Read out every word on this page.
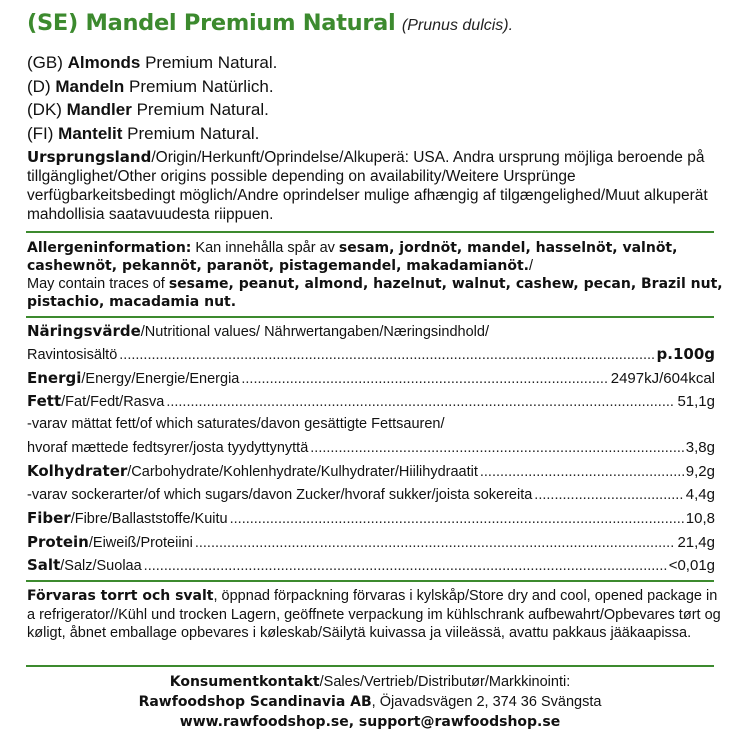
(SE) Mandel Premium Natural (Prunus dulcis).
(GB) Almonds Premium Natural.
(D) Mandeln Premium Natürlich.
(DK) Mandler Premium Natural.
(FI) Mantelit Premium Natural.
Ursprungsland/Origin/Herkunft/Oprindelse/Alkuperä: USA. Andra ursprung möjliga beroende på tillgänglighet/Other origins possible depending on availability/Weitere Ursprünge verfügbarkeitsbedingt möglich/Andre oprindelser mulige afhængig af tilgængelighed/Muut alkuperät mahdollisia saatavuudesta riippuen.
Allergeninformation: Kan innehålla spår av sesam, jordnöt, mandel, hasselnöt, valnöt, cashewnöt, pekannöt, paranöt, pistagemandel, makadamianöt./
May contain traces of sesame, peanut, almond, hazelnut, walnut, cashew, pecan, Brazil nut, pistachio, macadamia nut.
Näringsvärde/Nutritional values/ Nährwertangaben/Næringsindhold/
Ravintosisältö .....	p.100g
Energi/Energy/Energie/Energia .....	2497kJ/604kcal
Fett/Fat/Fedt/Rasva .....	51,1g
-varav mättat fett/of which saturates/davon gesättigte Fettsauren/
hvoraf mættede fedtsyrer/josta tyydyttynyttä .....	3,8g
Kolhydrater/Carbohydrate/Kohlenhydrate/Kulhydrater/Hiilihydraatit .....	9,2g
-varav sockerarter/of which sugars/davon Zucker/hvoraf sukker/joista sokereita .....	4,4g
Fiber/Fibre/Ballaststoffe/Kuitu .....	10,8
Protein/Eiweiß/Proteiini .....	21,4g
Salt/Salz/Suolaa .....	<0,01g
Förvaras torrt och svalt, öppnad förpackning förvaras i kylskåp/Store dry and cool, opened package in a refrigerator//Kühl und trocken Lagern, geöffnete verpackung im kühlschrank aufbewahrt/Opbevares tørt og køligt, åbnet emballage opbevares i køleskab/Säilytä kuivassa ja viileässä, avattu pakkaus jääkaapissa.
Konsumentkontakt/Sales/Vertrieb/Distributør/Markkinointi:
Rawfoodshop Scandinavia AB, Öjavadsvägen 2, 374 36 Svängsta
www.rawfoodshop.se, support@rawfoodshop.se
